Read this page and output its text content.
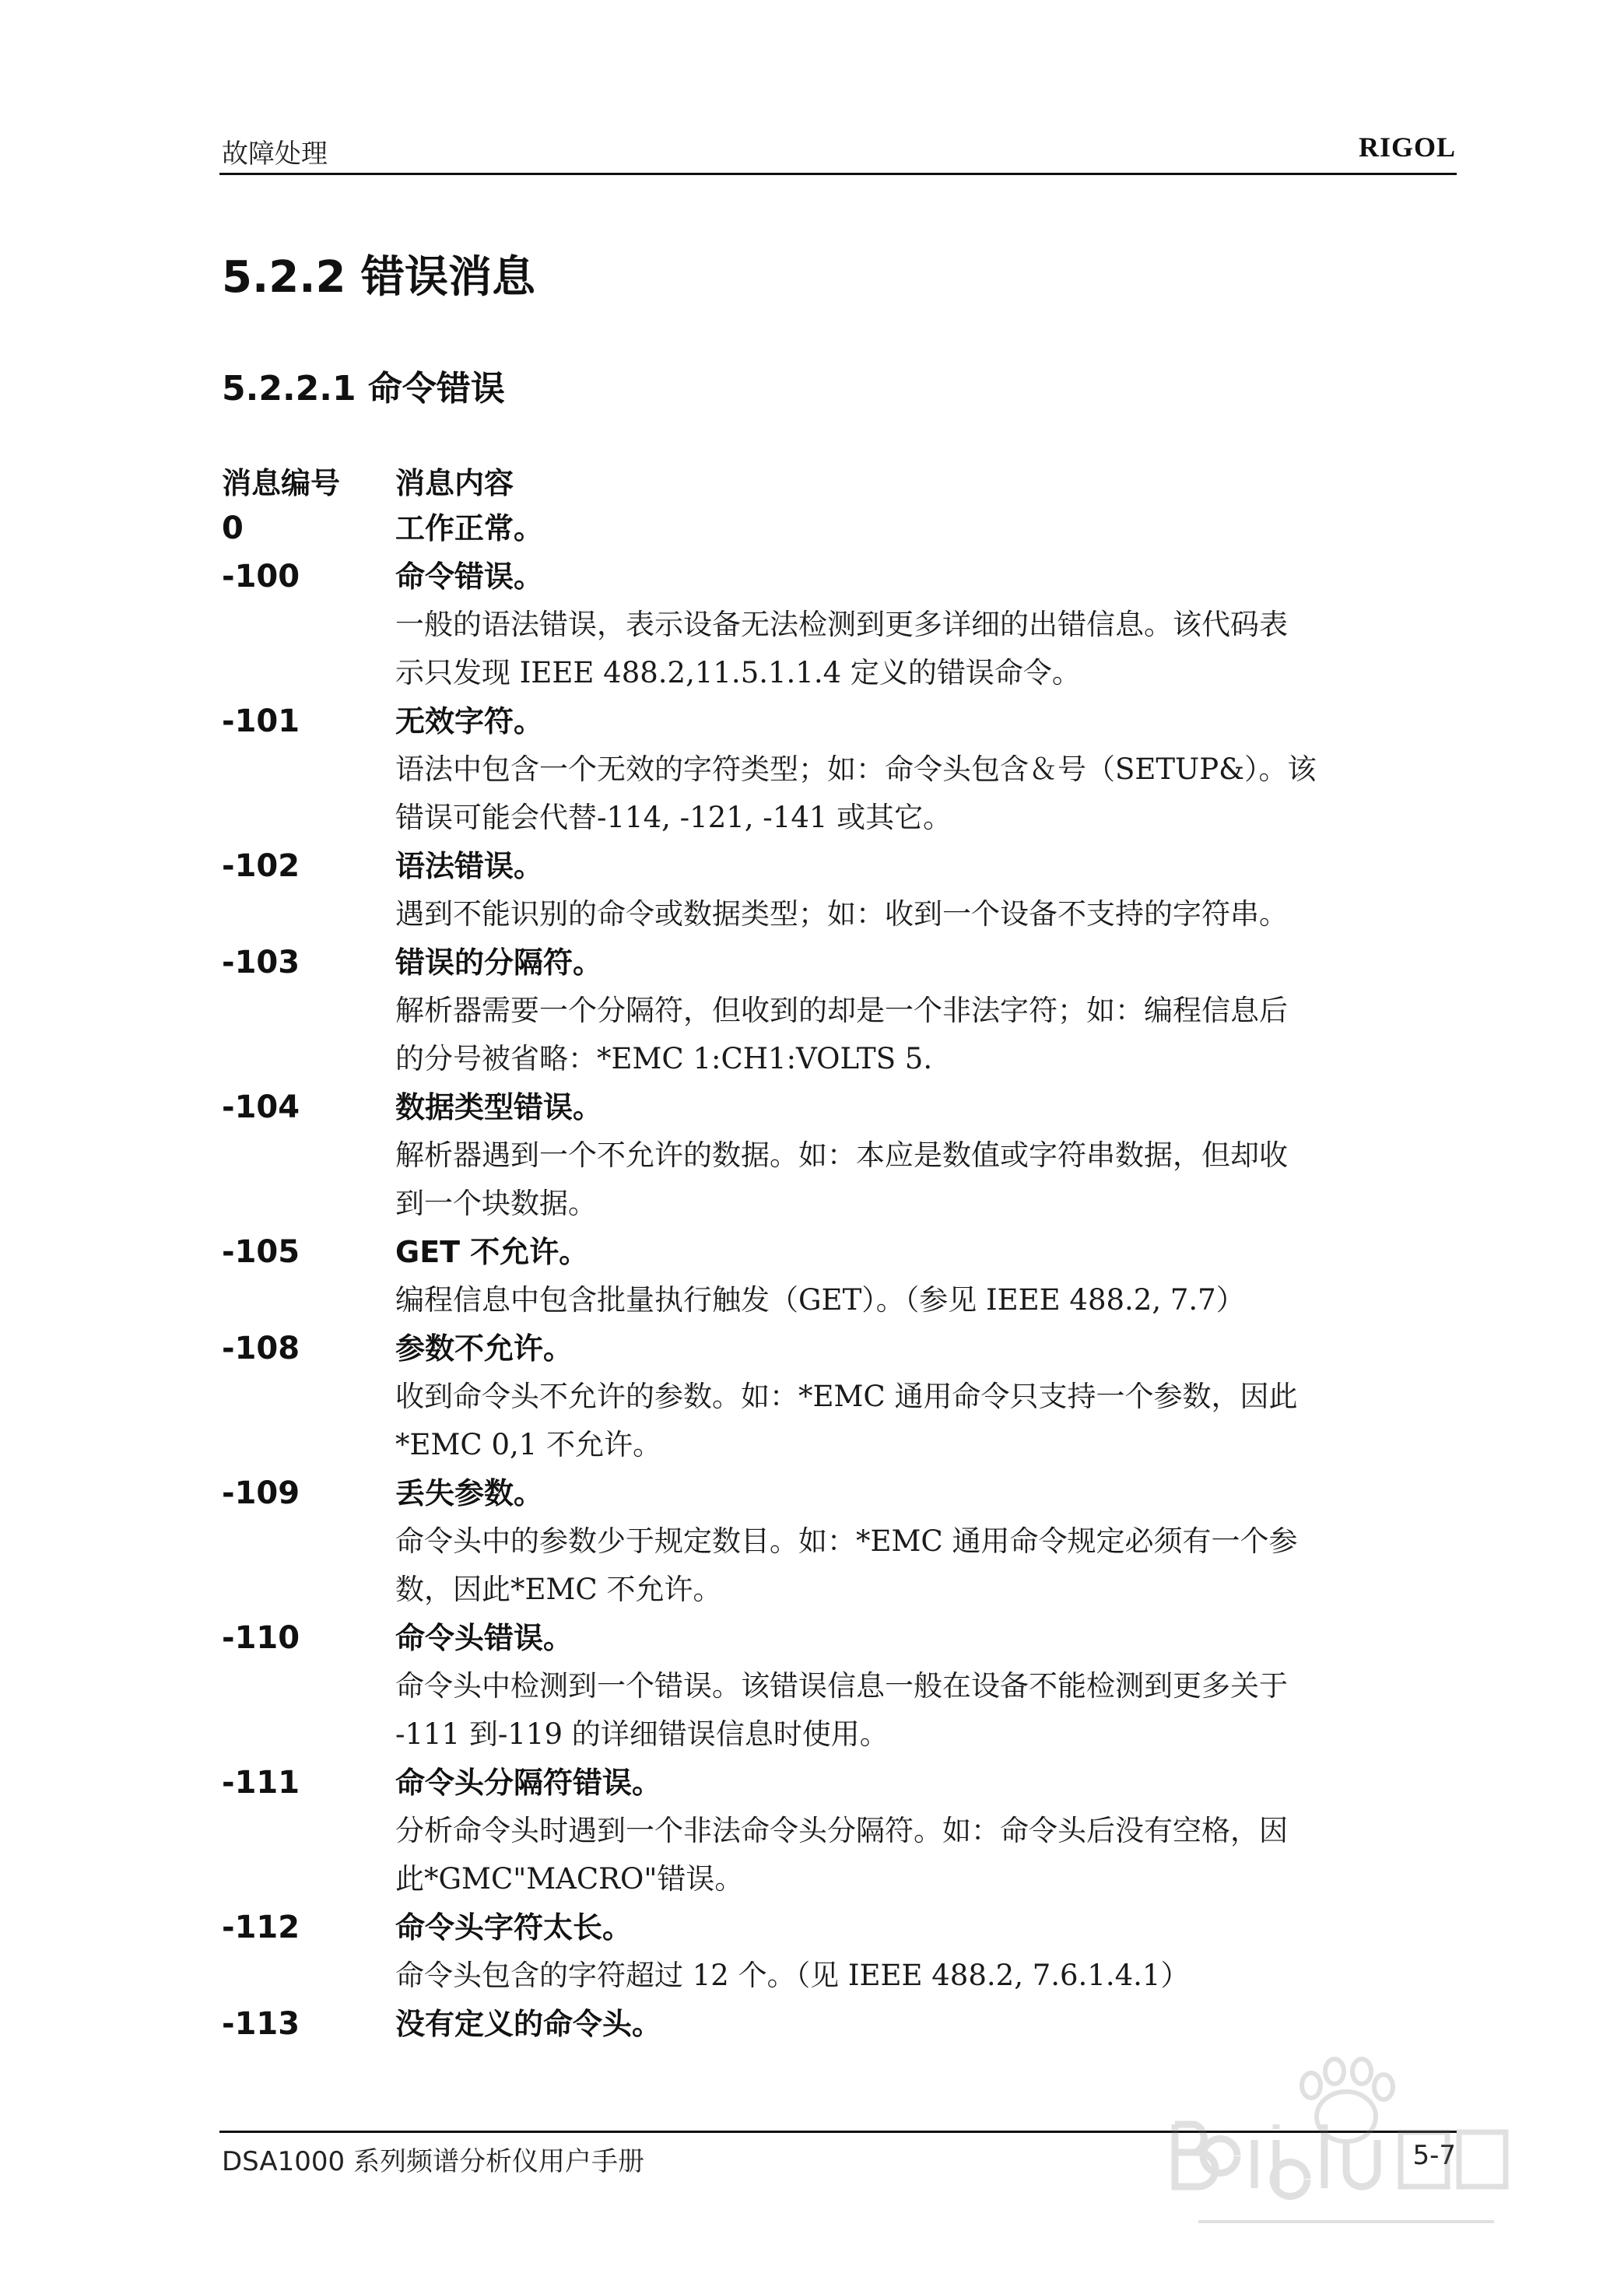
故障处理	RIGOL
5.2.2 错误消息
5.2.2.1 命令错误
消息编号 消息内容
0	工作正常。
-100	命令错误。
一般的语法错误，表示设备无法检测到更多详细的出错信息。该代码表
示只发现 IEEE 488.2,11.5.1.1.4 定义的错误命令。
-101	无效字符。
语法中包含一个无效的字符类型；如：命令头包含＆号（SETUP&）。该
错误可能会代替-114, -121, -141 或其它。
-102	语法错误。
遇到不能识别的命令或数据类型；如：收到一个设备不支持的字符串。
-103	错误的分隔符。
解析器需要一个分隔符，但收到的却是一个非法字符；如：编程信息后
的分号被省略：*EMC 1:CH1:VOLTS 5.
-104	数据类型错误。
解析器遇到一个不允许的数据。如：本应是数值或字符串数据，但却收
到一个块数据。
-105	GET 不允许。
编程信息中包含批量执行触发（GET）。（参见 IEEE 488.2, 7.7）
-108	参数不允许。
收到命令头不允许的参数。如：*EMC 通用命令只支持一个参数，因此
*EMC 0,1 不允许。
-109	丢失参数。
命令头中的参数少于规定数目。如：*EMC 通用命令规定必须有一个参
数，因此*EMC 不允许。
-110	命令头错误。
命令头中检测到一个错误。该错误信息一般在设备不能检测到更多关于
-111 到-119 的详细错误信息时使用。
-111	命令头分隔符错误。
分析命令头时遇到一个非法命令头分隔符。如：命令头后没有空格，因
此*GMC"MACRO"错误。
-112	命令头字符太长。
命令头包含的字符超过 12 个。（见 IEEE 488.2, 7.6.1.4.1）
-113	没有定义的命令头。
DSA1000 系列频谱分析仪用户手册	5-7
